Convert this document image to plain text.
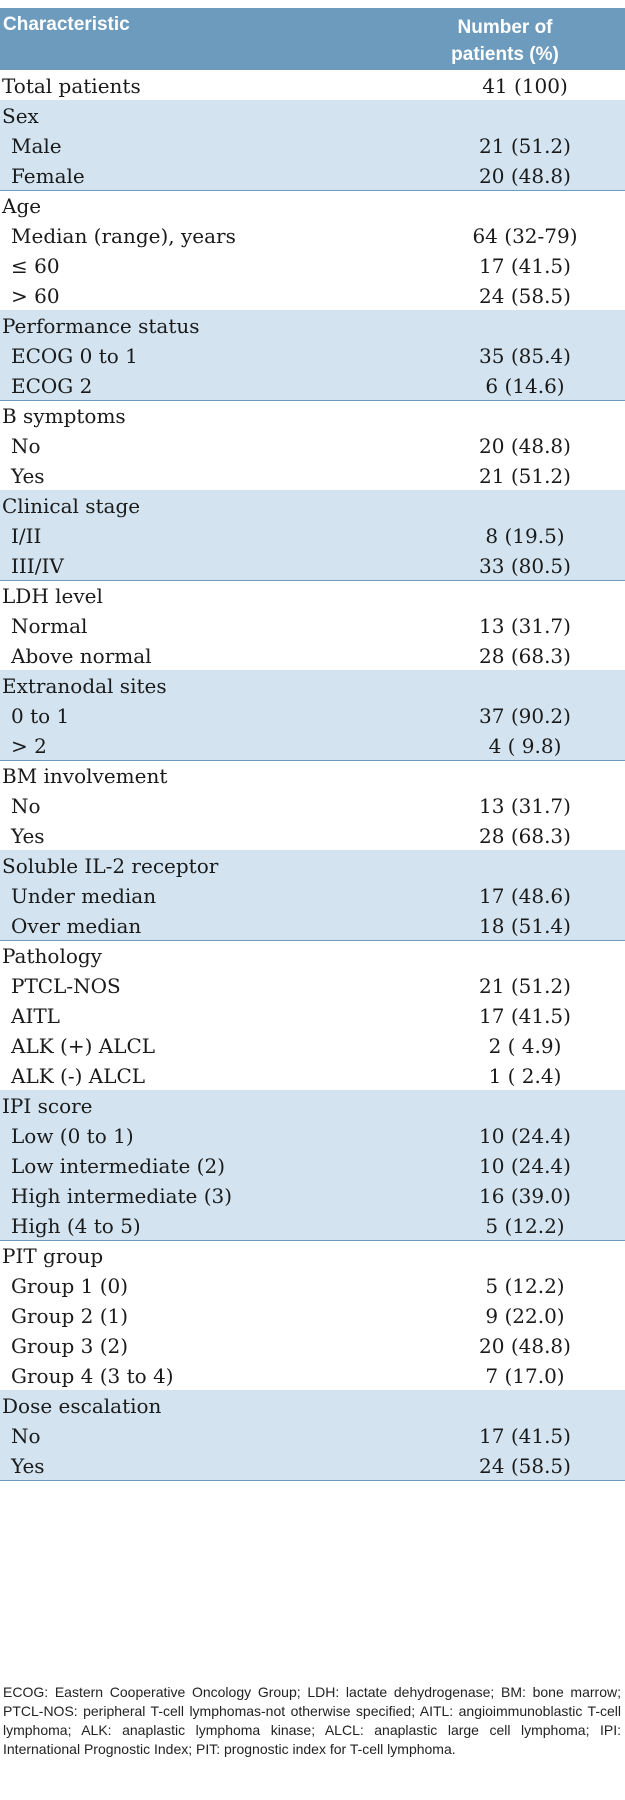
Characteristic	Number of
patients (%)
Total patients	41 (100)
Sex
Male	21 (51.2)
Female	20 (48.8)
Age
Median (range), years	64 (32-79)
≤ 60	17 (41.5)
> 60	24 (58.5)
Performance status
ECOG 0 to 1	35 (85.4)
ECOG 2	6 (14.6)
B symptoms
No	20 (48.8)
Yes	21 (51.2)
Clinical stage
I/II	8 (19.5)
III/IV	33 (80.5)
LDH level
Normal	13 (31.7)
Above normal	28 (68.3)
Extranodal sites
0 to 1	37 (90.2)
> 2	4 ( 9.8)
BM involvement
No	13 (31.7)
Yes	28 (68.3)
Soluble IL-2 receptor
Under median	17 (48.6)
Over median	18 (51.4)
Pathology
PTCL-NOS	21 (51.2)
AITL	17 (41.5)
ALK (+) ALCL	2 ( 4.9)
ALK (-) ALCL	1 ( 2.4)
IPI score
Low (0 to 1)	10 (24.4)
Low intermediate (2)	10 (24.4)
High intermediate (3)	16 (39.0)
High (4 to 5)	5 (12.2)
PIT group
Group 1 (0)	5 (12.2)
Group 2 (1)	9 (22.0)
Group 3 (2)	20 (48.8)
Group 4 (3 to 4)	7 (17.0)
Dose escalation
No	17 (41.5)
Yes	24 (58.5)
ECOG: Eastern Cooperative Oncology Group; LDH: lactate dehydrogenase; BM: bone marrow; PTCL-NOS: peripheral T-cell lymphomas-not otherwise specified; AITL: angioimmunoblastic T-cell lymphoma; ALK: anaplastic lymphoma kinase; ALCL: anaplastic large cell lymphoma; IPI: International Prognostic Index; PIT: prognostic index for T-cell lymphoma.
